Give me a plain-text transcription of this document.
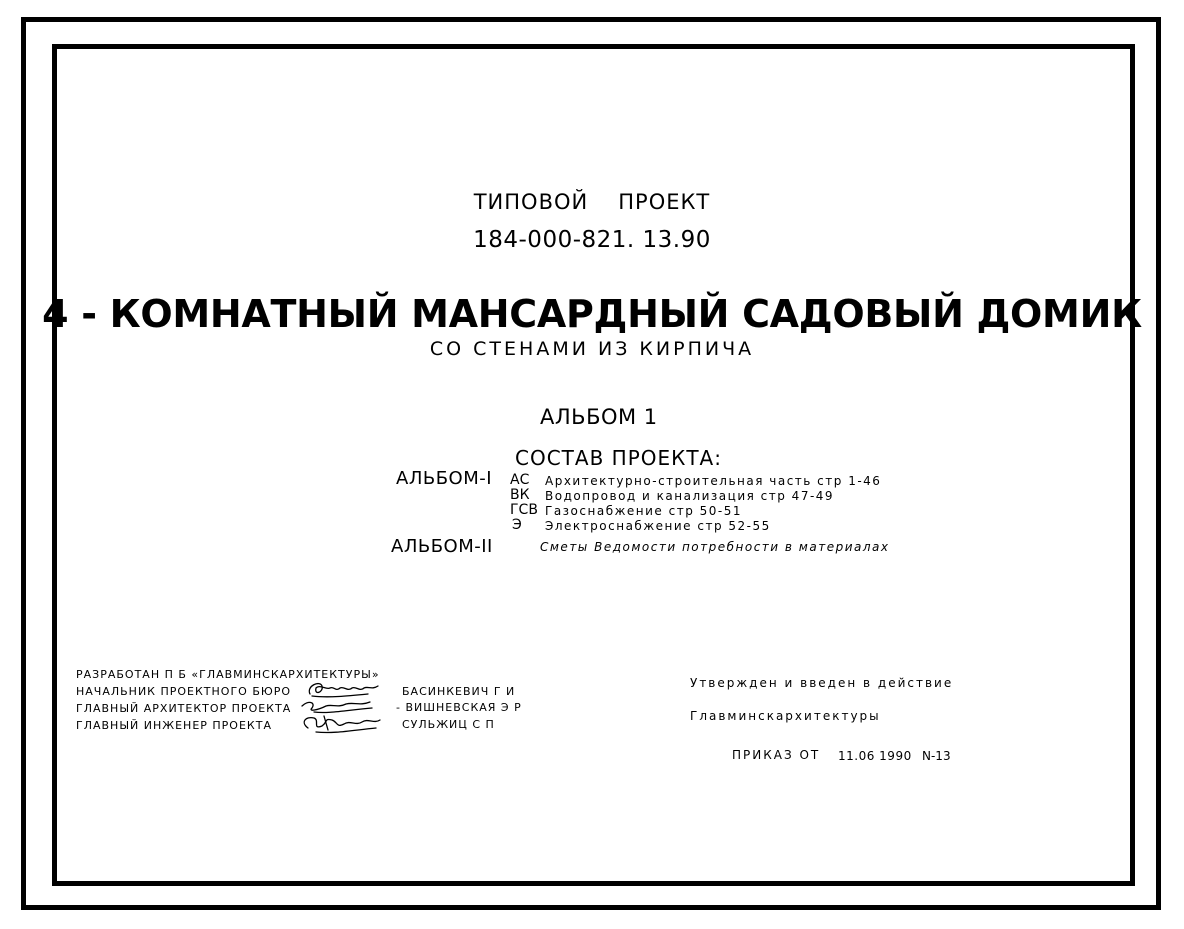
ТИПОВОЙ ПРОЕКТ
184-000-821. 13.90
4 - КОМНАТНЫЙ МАНСАРДНЫЙ САДОВЫЙ ДОМИК
СО СТЕНАМИ ИЗ КИРПИЧА
АЛЬБОМ 1
СОСТАВ ПРОЕКТА:
АЛЬБОМ-I АС Архитектурно-строительная часть стр 1-46
ВК Водопровод и канализация стр 47-49
ГСВ Газоснабжение стр 50-51
Э Электроснабжение стр 52-55
АЛЬБОМ-II	Сметы Ведомости потребности в материалах
РАЗРАБОТАН П Б «ГЛАВМИНСКАРХИТЕКТУРЫ»
НАЧАЛЬНИК ПРОЕКТНОГО БЮРО	БАСИНКЕВИЧ Г И
ГЛАВНЫЙ АРХИТЕКТОР ПРОЕКТА	- ВИШНЕВСКАЯ Э Р
ГЛАВНЫЙ ИНЖЕНЕР ПРОЕКТА	СУЛЬЖИЦ С П
Утвержден и введен в действие
Главминскархитектуры
ПРИКАЗ ОТ 11.06 1990 N-13
